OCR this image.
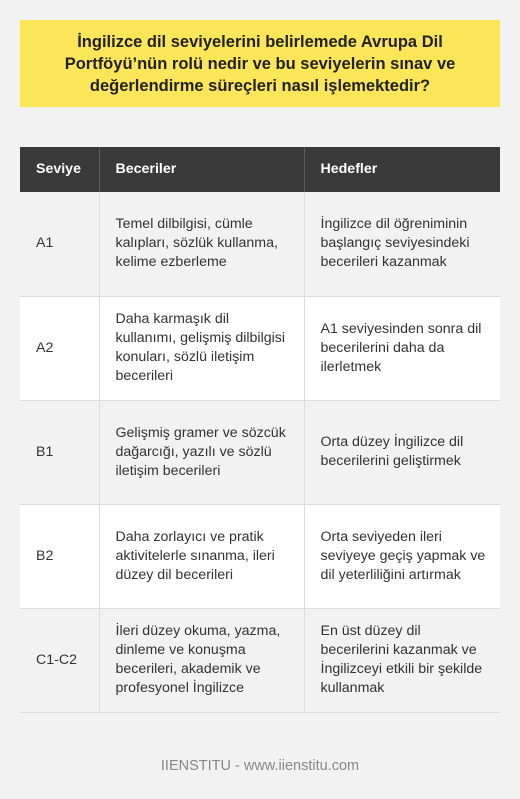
İngilizce dil seviyelerini belirlemede Avrupa Dil Portföyü’nün rolü nedir ve bu seviyelerin sınav ve değerlendirme süreçleri nasıl işlemektedir?
Seviye	Beceriler	Hedefler
A1	Temel dilbilgisi, cümle kalıpları, sözlük kullanma, kelime ezberleme	İngilizce dil öğreniminin başlangıç seviyesindeki becerileri kazanmak
A2	Daha karmaşık dil kullanımı, gelişmiş dilbilgisi konuları, sözlü iletişim becerileri	A1 seviyesinden sonra dil becerilerini daha da ilerletmek
B1	Gelişmiş gramer ve sözcük dağarcığı, yazılı ve sözlü iletişim becerileri	Orta düzey İngilizce dil becerilerini geliştirmek
B2	Daha zorlayıcı ve pratik aktivitelerle sınanma, ileri düzey dil becerileri	Orta seviyeden ileri seviyeye geçiş yapmak ve dil yeterliliğini artırmak
C1-C2	İleri düzey okuma, yazma, dinleme ve konuşma becerileri, akademik ve profesyonel İngilizce	En üst düzey dil becerilerini kazanmak ve İngilizceyi etkili bir şekilde kullanmak
IIENSTITU - www.iienstitu.com
